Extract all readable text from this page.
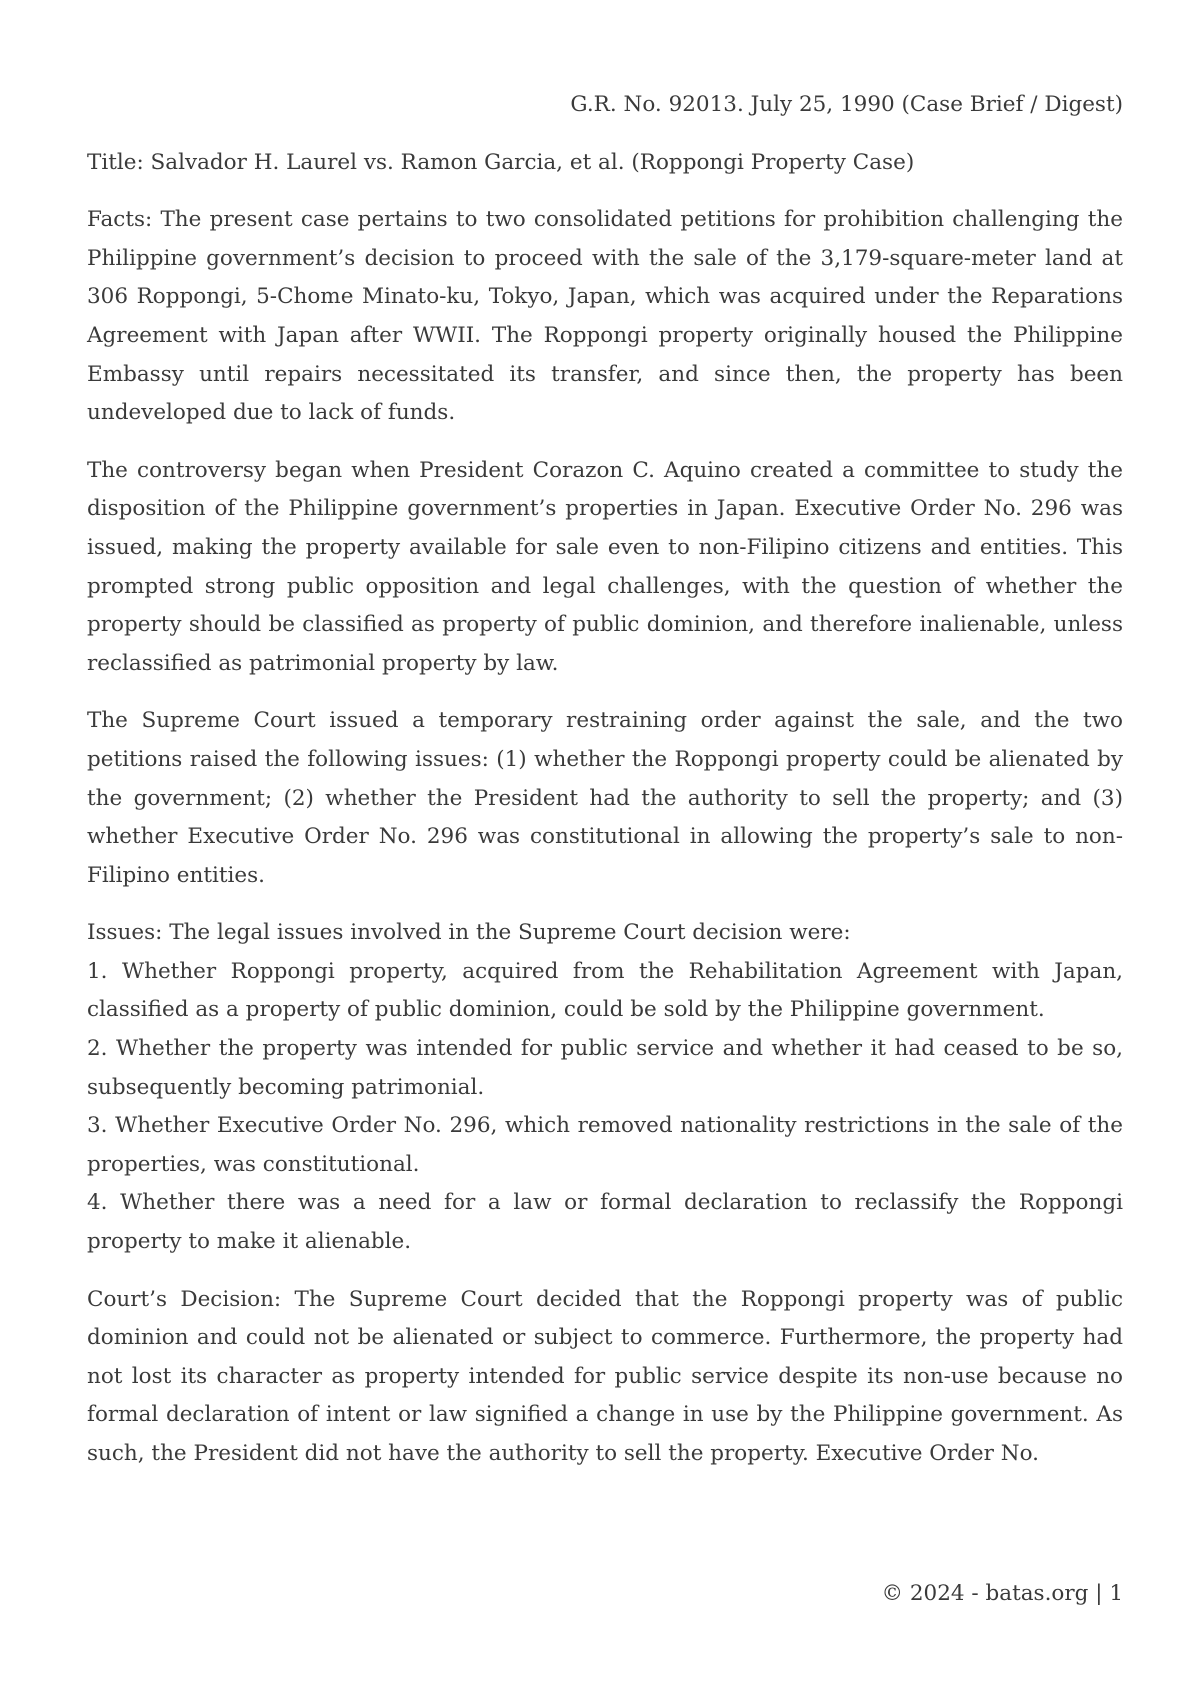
G.R. No. 92013. July 25, 1990 (Case Brief / Digest)
Title: Salvador H. Laurel vs. Ramon Garcia, et al. (Roppongi Property Case)

Facts: The present case pertains to two consolidated petitions for prohibition challenging the Philippine government’s decision to proceed with the sale of the 3,179-square-meter land at 306 Roppongi, 5-Chome Minato-ku, Tokyo, Japan, which was acquired under the Reparations Agreement with Japan after WWII. The Roppongi property originally housed the Philippine Embassy until repairs necessitated its transfer, and since then, the property has been undeveloped due to lack of funds.

The controversy began when President Corazon C. Aquino created a committee to study the disposition of the Philippine government’s properties in Japan. Executive Order No. 296 was issued, making the property available for sale even to non-Filipino citizens and entities. This prompted strong public opposition and legal challenges, with the question of whether the property should be classified as property of public dominion, and therefore inalienable, unless reclassified as patrimonial property by law.

The Supreme Court issued a temporary restraining order against the sale, and the two petitions raised the following issues: (1) whether the Roppongi property could be alienated by the government; (2) whether the President had the authority to sell the property; and (3) whether Executive Order No. 296 was constitutional in allowing the property’s sale to non-Filipino entities.

Issues: The legal issues involved in the Supreme Court decision were:
1. Whether Roppongi property, acquired from the Rehabilitation Agreement with Japan, classified as a property of public dominion, could be sold by the Philippine government.
2. Whether the property was intended for public service and whether it had ceased to be so, subsequently becoming patrimonial.
3. Whether Executive Order No. 296, which removed nationality restrictions in the sale of the properties, was constitutional.
4. Whether there was a need for a law or formal declaration to reclassify the Roppongi property to make it alienable.

Court’s Decision: The Supreme Court decided that the Roppongi property was of public dominion and could not be alienated or subject to commerce. Furthermore, the property had not lost its character as property intended for public service despite its non-use because no formal declaration of intent or law signified a change in use by the Philippine government. As such, the President did not have the authority to sell the property. Executive Order No.

© 2024 - batas.org | 1
